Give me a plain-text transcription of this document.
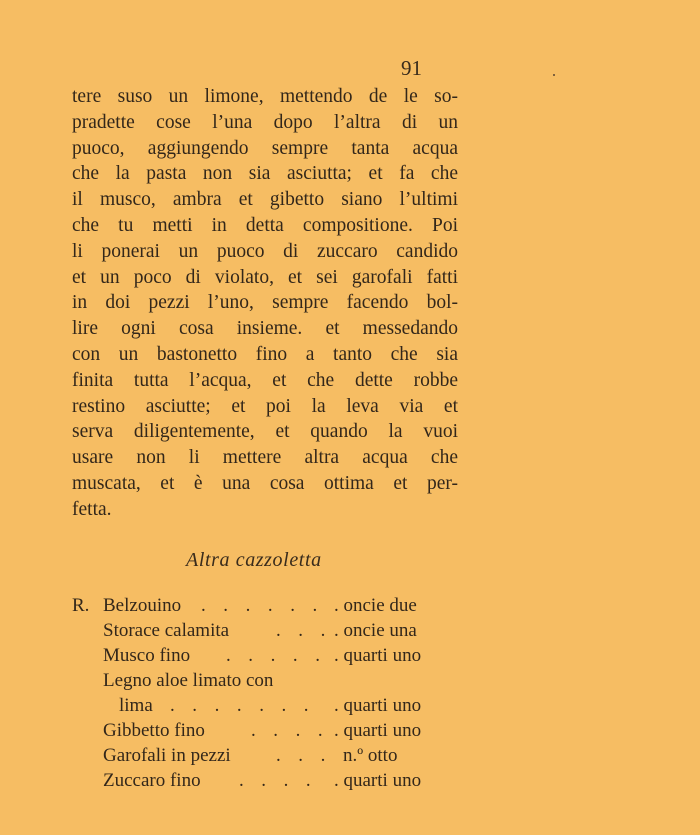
91
tere suso un limone, mettendo de le so-
pradette cose l’una dopo l’altra di un
puoco, aggiungendo sempre tanta acqua
che la pasta non sia asciutta; et fa che
il musco, ambra et gibetto siano l’ultimi
che tu metti in detta compositione. Poi
li ponerai un puoco di zuccaro candido
et un poco di violato, et sei garofali fatti
in doi pezzi l’uno, sempre facendo bol-
lire ogni cosa insieme. et messedando
con un bastonetto fino a tanto che sia
finita tutta l’acqua, et che dette robbe
restino asciutte; et poi la leva via et
serva diligentemente, et quando la vuoi
usare non li mettere altra acqua che
muscata, et è una cosa ottima et per-
fetta.
Altra cazzoletta
R. Belzouino . . . . . . . oncie due
Storace calamita . . . . oncie una
Musco fino . . . . . . quarti uno
Legno aloe limato con
lima . . . . . . . . quarti uno
Gibbetto fino . . . . . quarti uno
Garofali in pezzi . . . n.º otto
Zuccaro fino . . . . . quarti uno
